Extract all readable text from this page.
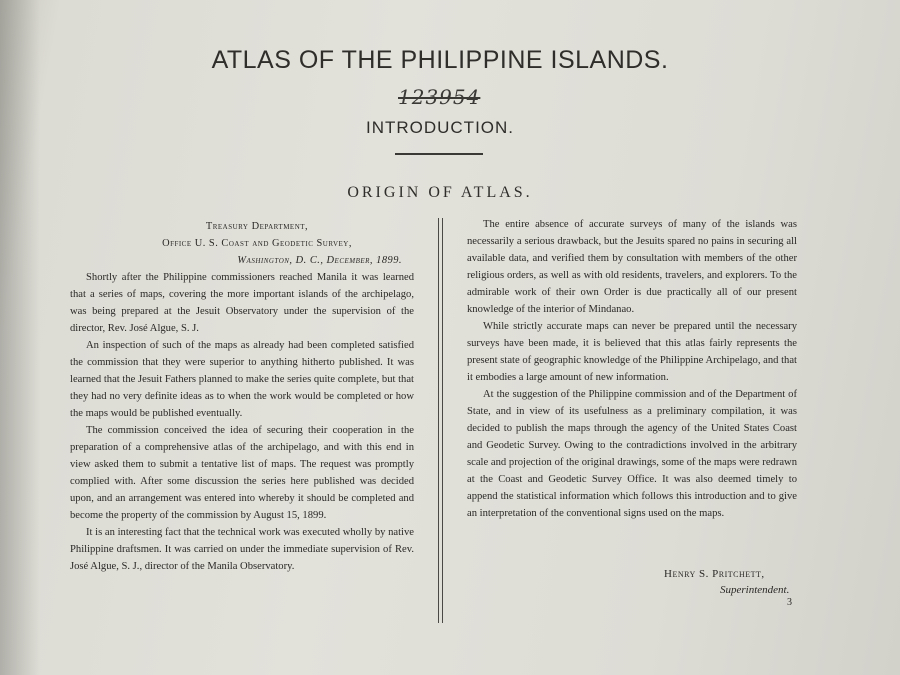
ATLAS OF THE PHILIPPINE ISLANDS.
123954
INTRODUCTION.
ORIGIN OF ATLAS.
Treasury Department,
Office U. S. Coast and Geodetic Survey,
Washington, D. C., December, 1899.

Shortly after the Philippine commissioners reached Manila it was learned that a series of maps, covering the more important islands of the archipelago, was being prepared at the Jesuit Observatory under the supervision of the director, Rev. José Algue, S. J.

An inspection of such of the maps as already had been completed satisfied the commission that they were superior to anything hitherto published. It was learned that the Jesuit Fathers planned to make the series quite complete, but that they had no very definite ideas as to when the work would be completed or how the maps would be published eventually.

The commission conceived the idea of securing their cooperation in the preparation of a comprehensive atlas of the archipelago, and with this end in view asked them to submit a tentative list of maps. The request was promptly complied with. After some discussion the series here published was decided upon, and an arrangement was entered into whereby it should be completed and become the property of the commission by August 15, 1899.

It is an interesting fact that the technical work was executed wholly by native Philippine draftsmen. It was carried on under the immediate supervision of Rev. José Algue, S. J., director of the Manila Observatory.

The entire absence of accurate surveys of many of the islands was necessarily a serious drawback, but the Jesuits spared no pains in securing all available data, and verified them by consultation with members of the other religious orders, as well as with old residents, travelers, and explorers. To the admirable work of their own Order is due practically all of our present knowledge of the interior of Mindanao.

While strictly accurate maps can never be prepared until the necessary surveys have been made, it is believed that this atlas fairly represents the present state of geographic knowledge of the Philippine Archipelago, and that it embodies a large amount of new information.

At the suggestion of the Philippine commission and of the Department of State, and in view of its usefulness as a preliminary compilation, it was decided to publish the maps through the agency of the United States Coast and Geodetic Survey. Owing to the contradictions involved in the arbitrary scale and projection of the original drawings, some of the maps were redrawn at the Coast and Geodetic Survey Office. It was also deemed timely to append the statistical information which follows this introduction and to give an interpretation of the conventional signs used on the maps.

Henry S. Pritchett,
Superintendent.
3
